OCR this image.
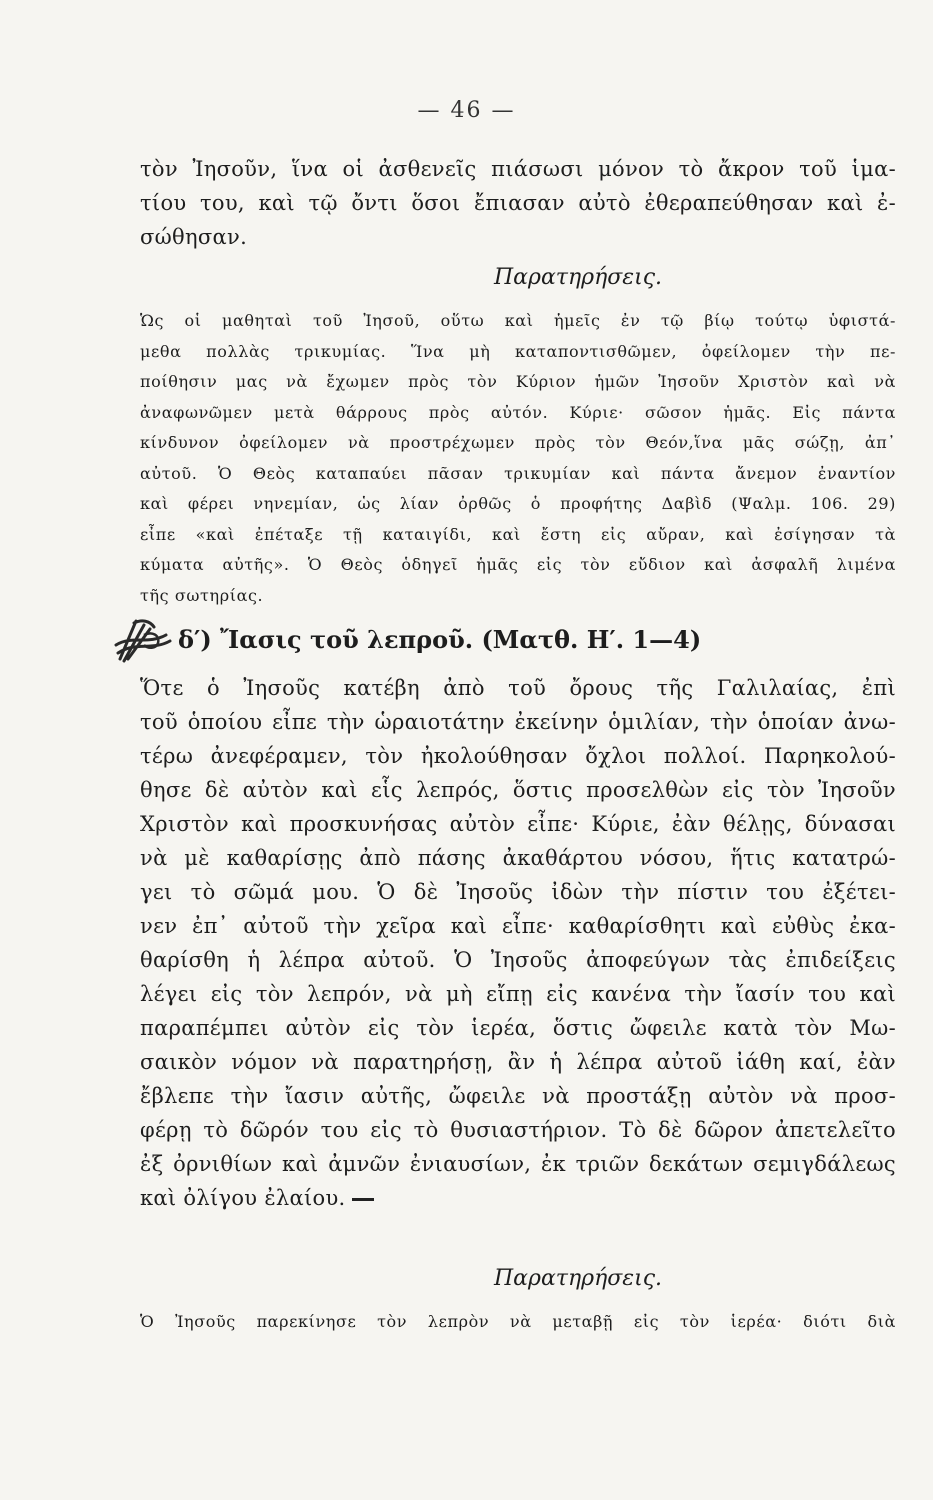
— 46 —
τὸν Ἰησοῦν, ἵνα οἱ ἀσθενεῖς πιάσωσι μόνον τὸ ἄκρον τοῦ ἱμα-
τίου του, καὶ τῷ ὄντι ὅσοι ἔπιασαν αὐτὸ ἐθεραπεύθησαν καὶ ἐ-
σώθησαν.
Παρατηρήσεις.
Ὡς οἱ μαθηταὶ τοῦ Ἰησοῦ, οὕτω καὶ ἡμεῖς ἐν τῷ βίῳ τούτῳ ὑφιστά-
μεθα πολλὰς τρικυμίας. Ἵνα μὴ καταποντισθῶμεν, ὀφείλομεν τὴν πε-
ποίθησιν μας νὰ ἔχωμεν πρὸς τὸν Κύριον ἡμῶν Ἰησοῦν Χριστὸν καὶ νὰ
ἀναφωνῶμεν μετὰ θάρρους πρὸς αὐτόν. Κύριε· σῶσον ἡμᾶς. Εἰς πάντα
κίνδυνον ὀφείλομεν νὰ προστρέχωμεν πρὸς τὸν Θεόν,ἵνα μᾶς σώζῃ, ἀπ᾽
αὐτοῦ. Ὁ Θεὸς καταπαύει πᾶσαν τρικυμίαν καὶ πάντα ἄνεμον ἐναντίον
καὶ φέρει νηνεμίαν, ὡς λίαν ὀρθῶς ὁ προφήτης Δαβὶδ (Ψαλμ. 106. 29)
εἶπε «καὶ ἐπέταξε τῇ καταιγίδι, καὶ ἔστη εἰς αὔραν, καὶ ἐσίγησαν τὰ
κύματα αὐτῆς». Ὁ Θεὸς ὁδηγεῖ ἡμᾶς εἰς τὸν εὔδιον καὶ ἀσφαλῆ λιμένα
τῆς σωτηρίας.
δ′) Ἴασις τοῦ λεπροῦ. (Ματθ. Η′. 1—4)
Ὅτε ὁ Ἰησοῦς κατέβη ἀπὸ τοῦ ὄρους τῆς Γαλιλαίας, ἐπὶ
τοῦ ὁποίου εἶπε τὴν ὡραιοτάτην ἐκείνην ὁμιλίαν, τὴν ὁποίαν ἀνω-
τέρω ἀνεφέραμεν, τὸν ἠκολούθησαν ὄχλοι πολλοί. Παρηκολού-
θησε δὲ αὐτὸν καὶ εἷς λεπρός, ὅστις προσελθὼν εἰς τὸν Ἰησοῦν
Χριστὸν καὶ προσκυνήσας αὐτὸν εἶπε· Κύριε, ἐὰν θέλῃς, δύνασαι
νὰ μὲ καθαρίσῃς ἀπὸ πάσης ἀκαθάρτου νόσου, ἥτις κατατρώ-
γει τὸ σῶμά μου. Ὁ δὲ Ἰησοῦς ἰδὼν τὴν πίστιν του ἐξέτει-
νεν ἐπ᾽ αὐτοῦ τὴν χεῖρα καὶ εἶπε· καθαρίσθητι καὶ εὐθὺς ἐκα-
θαρίσθη ἡ λέπρα αὐτοῦ. Ὁ Ἰησοῦς ἀποφεύγων τὰς ἐπιδείξεις
λέγει εἰς τὸν λεπρόν, νὰ μὴ εἴπῃ εἰς κανένα τὴν ἴασίν του καὶ
παραπέμπει αὐτὸν εἰς τὸν ἱερέα, ὅστις ὤφειλε κατὰ τὸν Μω-
σαικὸν νόμον νὰ παρατηρήσῃ, ἂν ἡ λέπρα αὐτοῦ ἰάθη καί, ἐὰν
ἔβλεπε τὴν ἴασιν αὐτῆς, ὤφειλε νὰ προστάξῃ αὐτὸν νὰ προσ-
φέρῃ τὸ δῶρόν του εἰς τὸ θυσιαστήριον. Τὸ δὲ δῶρον ἀπετελεῖτο
ἐξ ὀρνιθίων καὶ ἀμνῶν ἐνιαυσίων, ἐκ τριῶν δεκάτων σεμιγδάλεως
καὶ ὀλίγου ἐλαίου.
Παρατηρήσεις.
Ὁ Ἰησοῦς παρεκίνησε τὸν λεπρὸν νὰ μεταβῇ εἰς τὸν ἱερέα· διότι διὰ
